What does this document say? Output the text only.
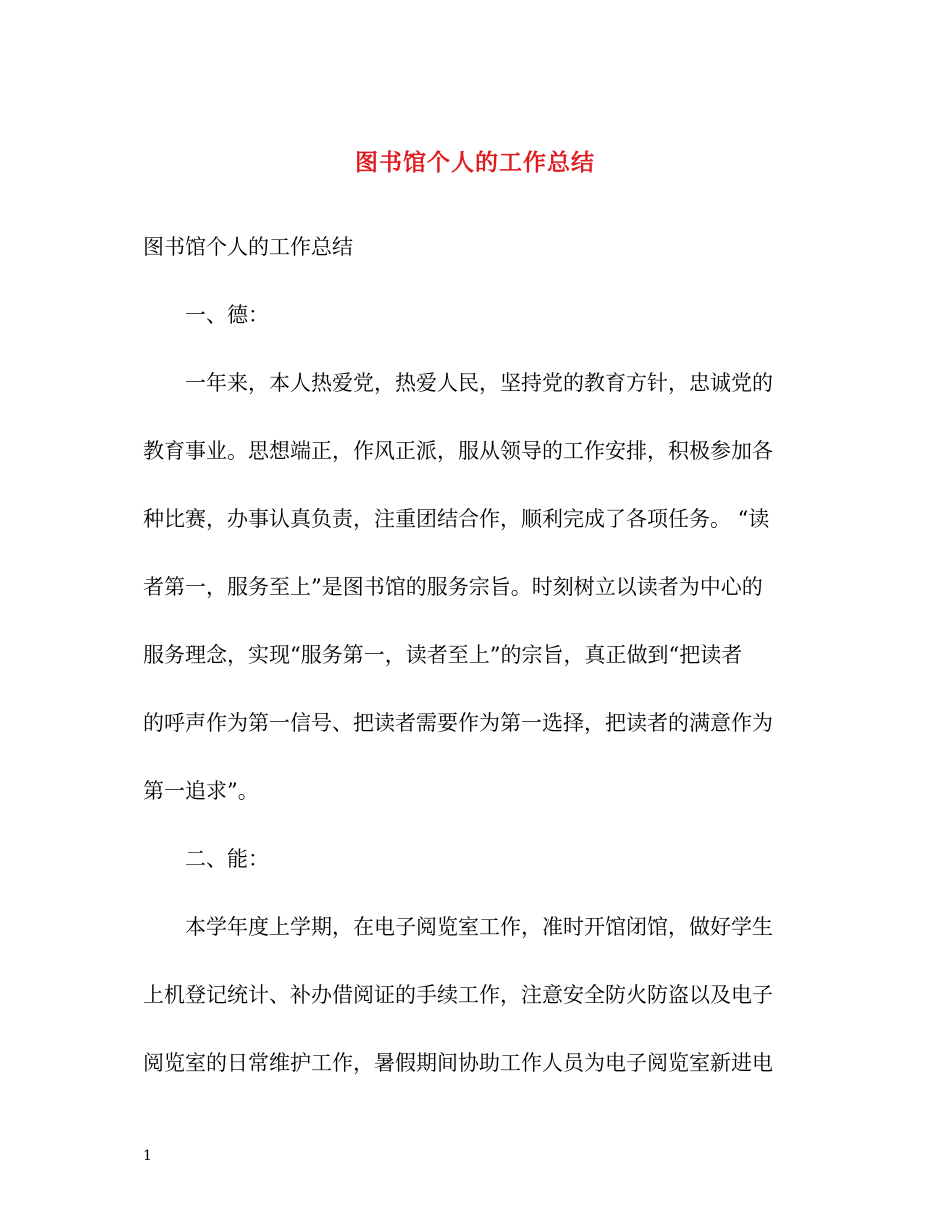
图书馆个人的工作总结
图书馆个人的工作总结
一、德：
一年来，本人热爱党，热爱人民，坚持党的教育方针，忠诚党的
教育事业。思想端正，作风正派，服从领导的工作安排，积极参加各
种比赛，办事认真负责，注重团结合作，顺利完成了各项任务。 “读
者第一，服务至上”是图书馆的服务宗旨。时刻树立以读者为中心的
服务理念，实现“服务第一，读者至上”的宗旨，真正做到“把读者
的呼声作为第一信号、把读者需要作为第一选择，把读者的满意作为
第一追求”。
二、能：
本学年度上学期，在电子阅览室工作，准时开馆闭馆，做好学生
上机登记统计、补办借阅证的手续工作，注意安全防火防盗以及电子
阅览室的日常维护工作，暑假期间协助工作人员为电子阅览室新进电
1
